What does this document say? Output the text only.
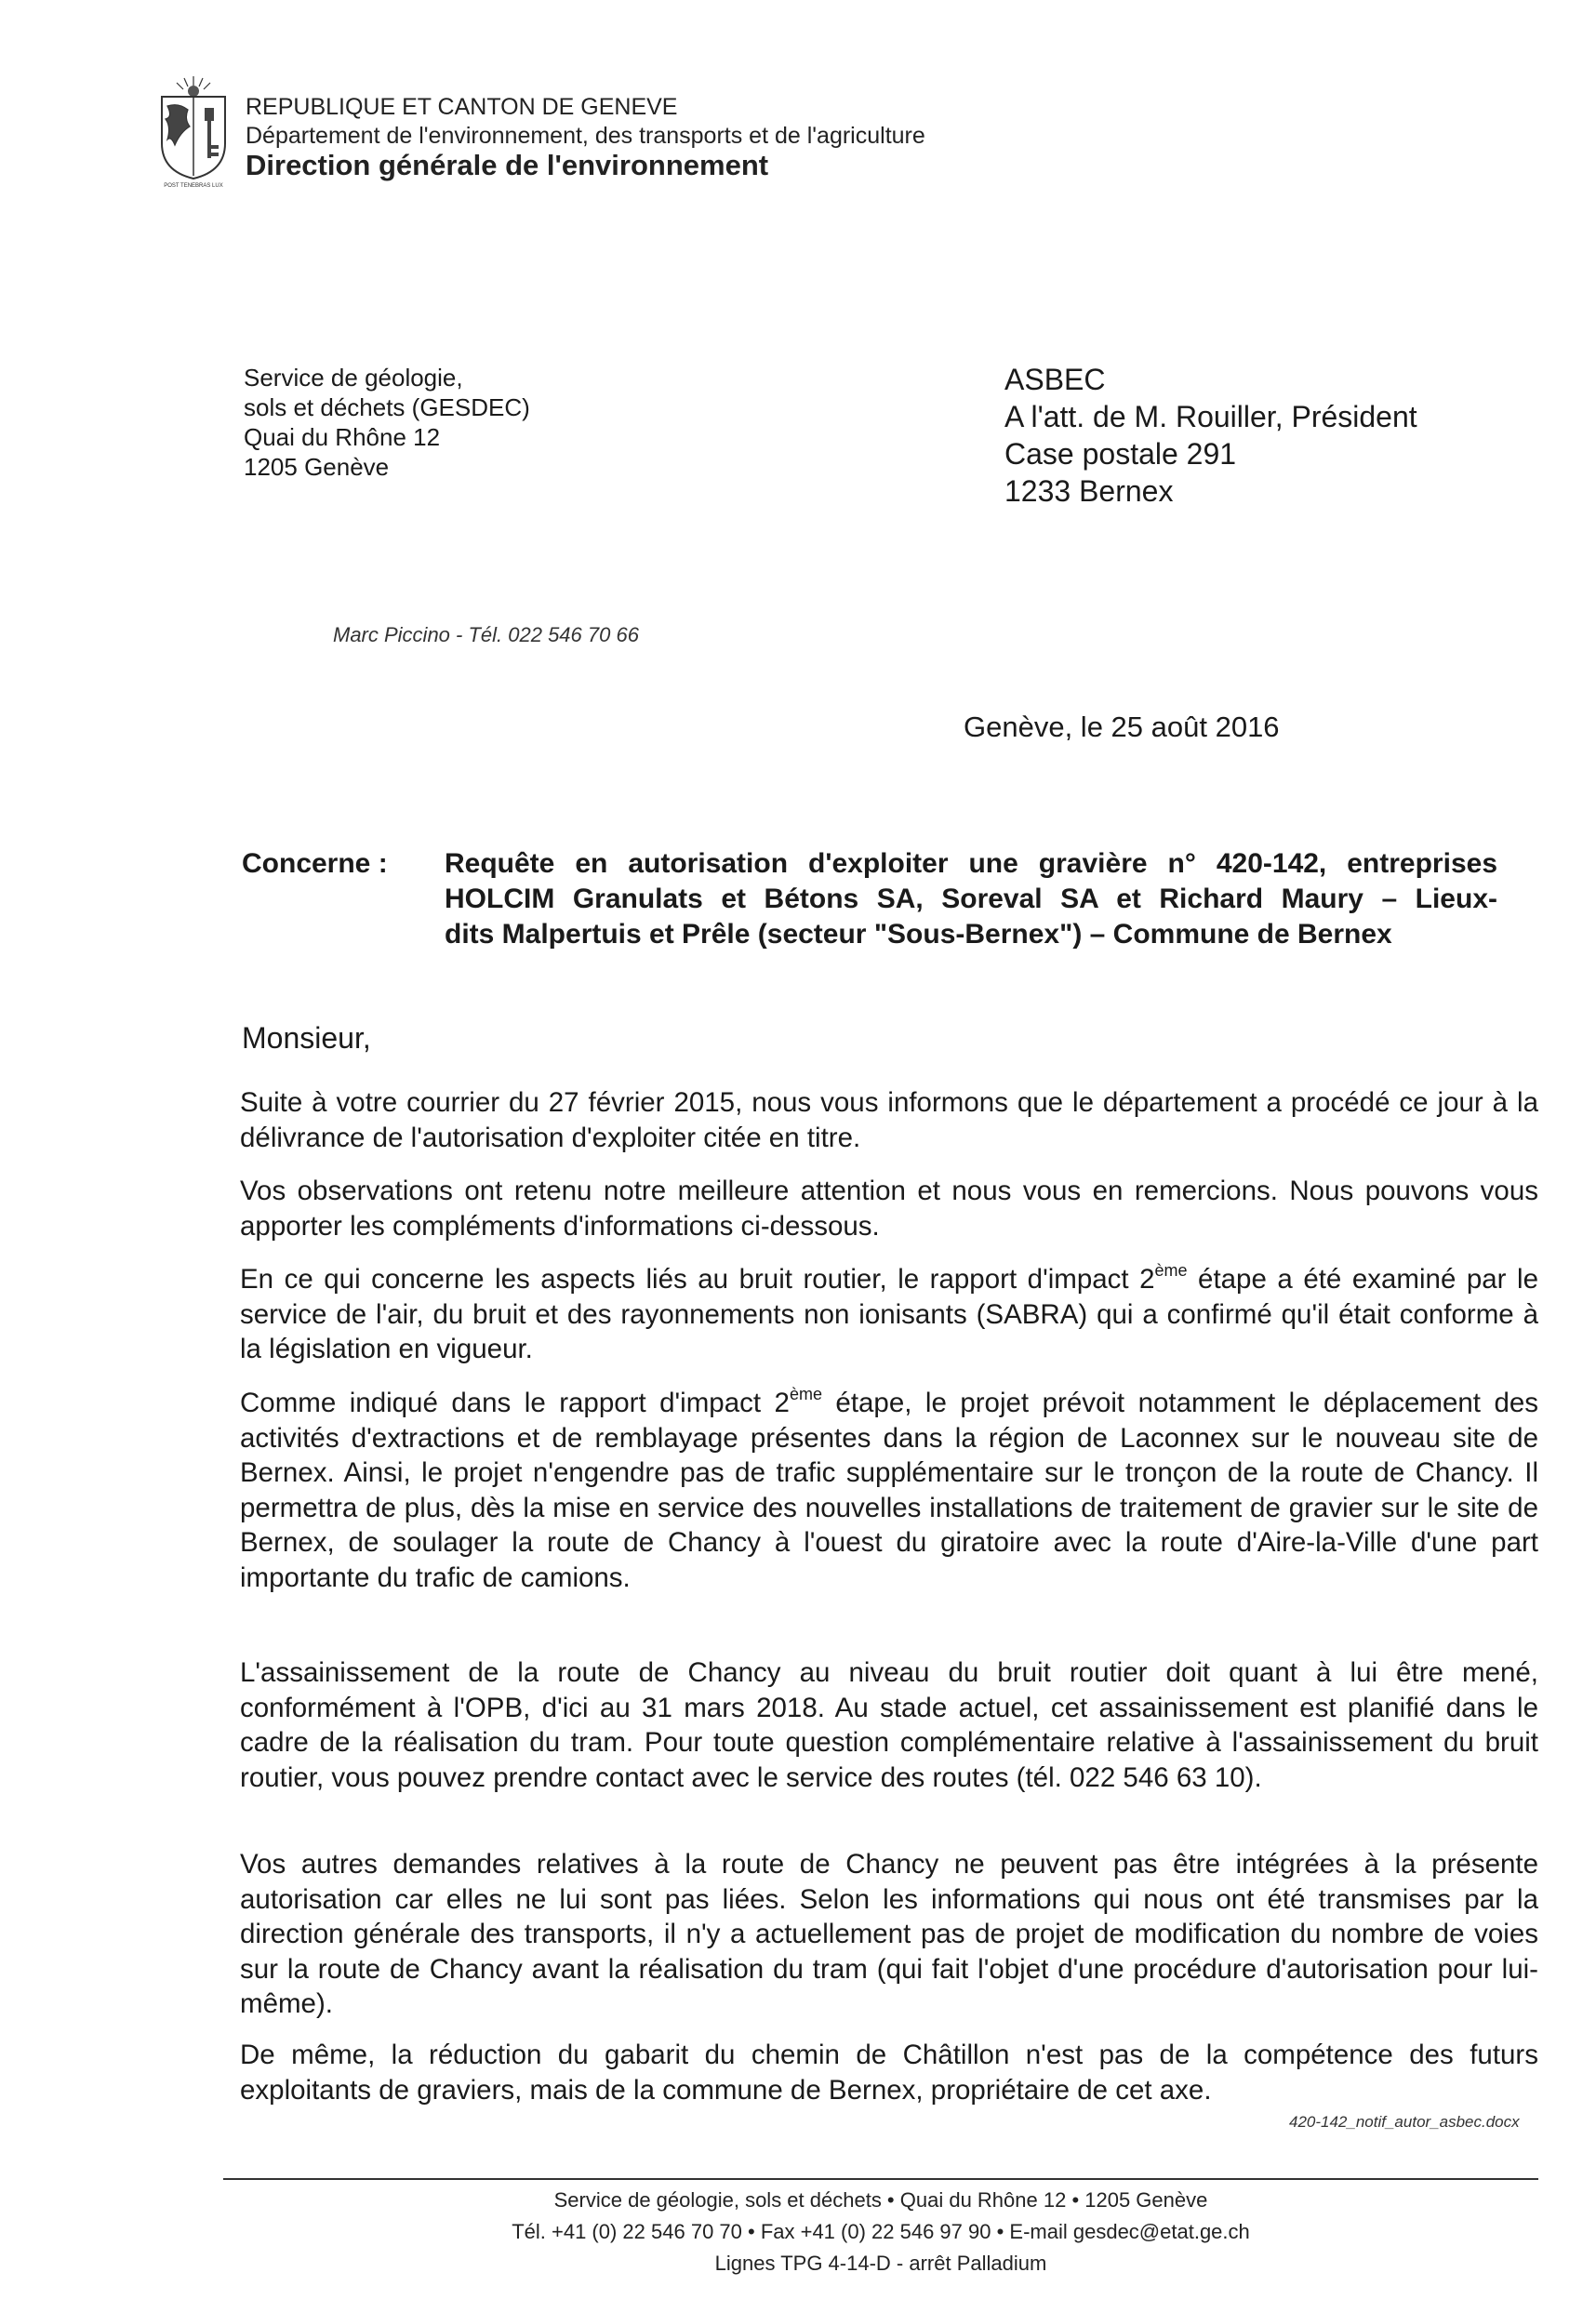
POST TENEBRAS LUX
REPUBLIQUE ET CANTON DE GENEVE
Département de l'environnement, des transports et de l'agriculture
Direction générale de l'environnement
Service de géologie,
sols et déchets (GESDEC)
Quai du Rhône 12
1205 Genève
ASBEC
A l'att. de M. Rouiller, Président
Case postale 291
1233 Bernex
Marc Piccino - Tél. 022 546 70 66
Genève, le 25 août 2016
Concerne : Requête en autorisation d'exploiter une gravière n° 420-142, entreprises
HOLCIM Granulats et Bétons SA, Soreval SA et Richard Maury – Lieux-
dits Malpertuis et Prêle (secteur "Sous-Bernex") – Commune de Bernex
Monsieur,

Suite à votre courrier du 27 février 2015, nous vous informons que le département a procédé ce jour à la délivrance de l'autorisation d'exploiter citée en titre.

Vos observations ont retenu notre meilleure attention et nous vous en remercions. Nous pouvons vous apporter les compléments d'informations ci-dessous.

En ce qui concerne les aspects liés au bruit routier, le rapport d'impact 2ème étape a été examiné par le service de l'air, du bruit et des rayonnements non ionisants (SABRA) qui a confirmé qu'il était conforme à la législation en vigueur.

Comme indiqué dans le rapport d'impact 2ème étape, le projet prévoit notamment le déplacement des activités d'extractions et de remblayage présentes dans la région de Laconnex sur le nouveau site de Bernex. Ainsi, le projet n'engendre pas de trafic supplémentaire sur le tronçon de la route de Chancy. Il permettra de plus, dès la mise en service des nouvelles installations de traitement de gravier sur le site de Bernex, de soulager la route de Chancy à l'ouest du giratoire avec la route d'Aire-la-Ville d'une part importante du trafic de camions.

L'assainissement de la route de Chancy au niveau du bruit routier doit quant à lui être mené, conformément à l'OPB, d'ici au 31 mars 2018. Au stade actuel, cet assainissement est planifié dans le cadre de la réalisation du tram. Pour toute question complémentaire relative à l'assainissement du bruit routier, vous pouvez prendre contact avec le service des routes (tél. 022 546 63 10).

Vos autres demandes relatives à la route de Chancy ne peuvent pas être intégrées à la présente autorisation car elles ne lui sont pas liées. Selon les informations qui nous ont été transmises par la direction générale des transports, il n'y a actuellement pas de projet de modification du nombre de voies sur la route de Chancy avant la réalisation du tram (qui fait l'objet d'une procédure d'autorisation pour lui-même).

De même, la réduction du gabarit du chemin de Châtillon n'est pas de la compétence des futurs exploitants de graviers, mais de la commune de Bernex, propriétaire de cet axe.

420-142_notif_autor_asbec.docx
Service de géologie, sols et déchets • Quai du Rhône 12 • 1205 Genève
Tél. +41 (0) 22 546 70 70 • Fax +41 (0) 22 546 97 90 • E-mail gesdec@etat.ge.ch
Lignes TPG 4-14-D - arrêt Palladium
